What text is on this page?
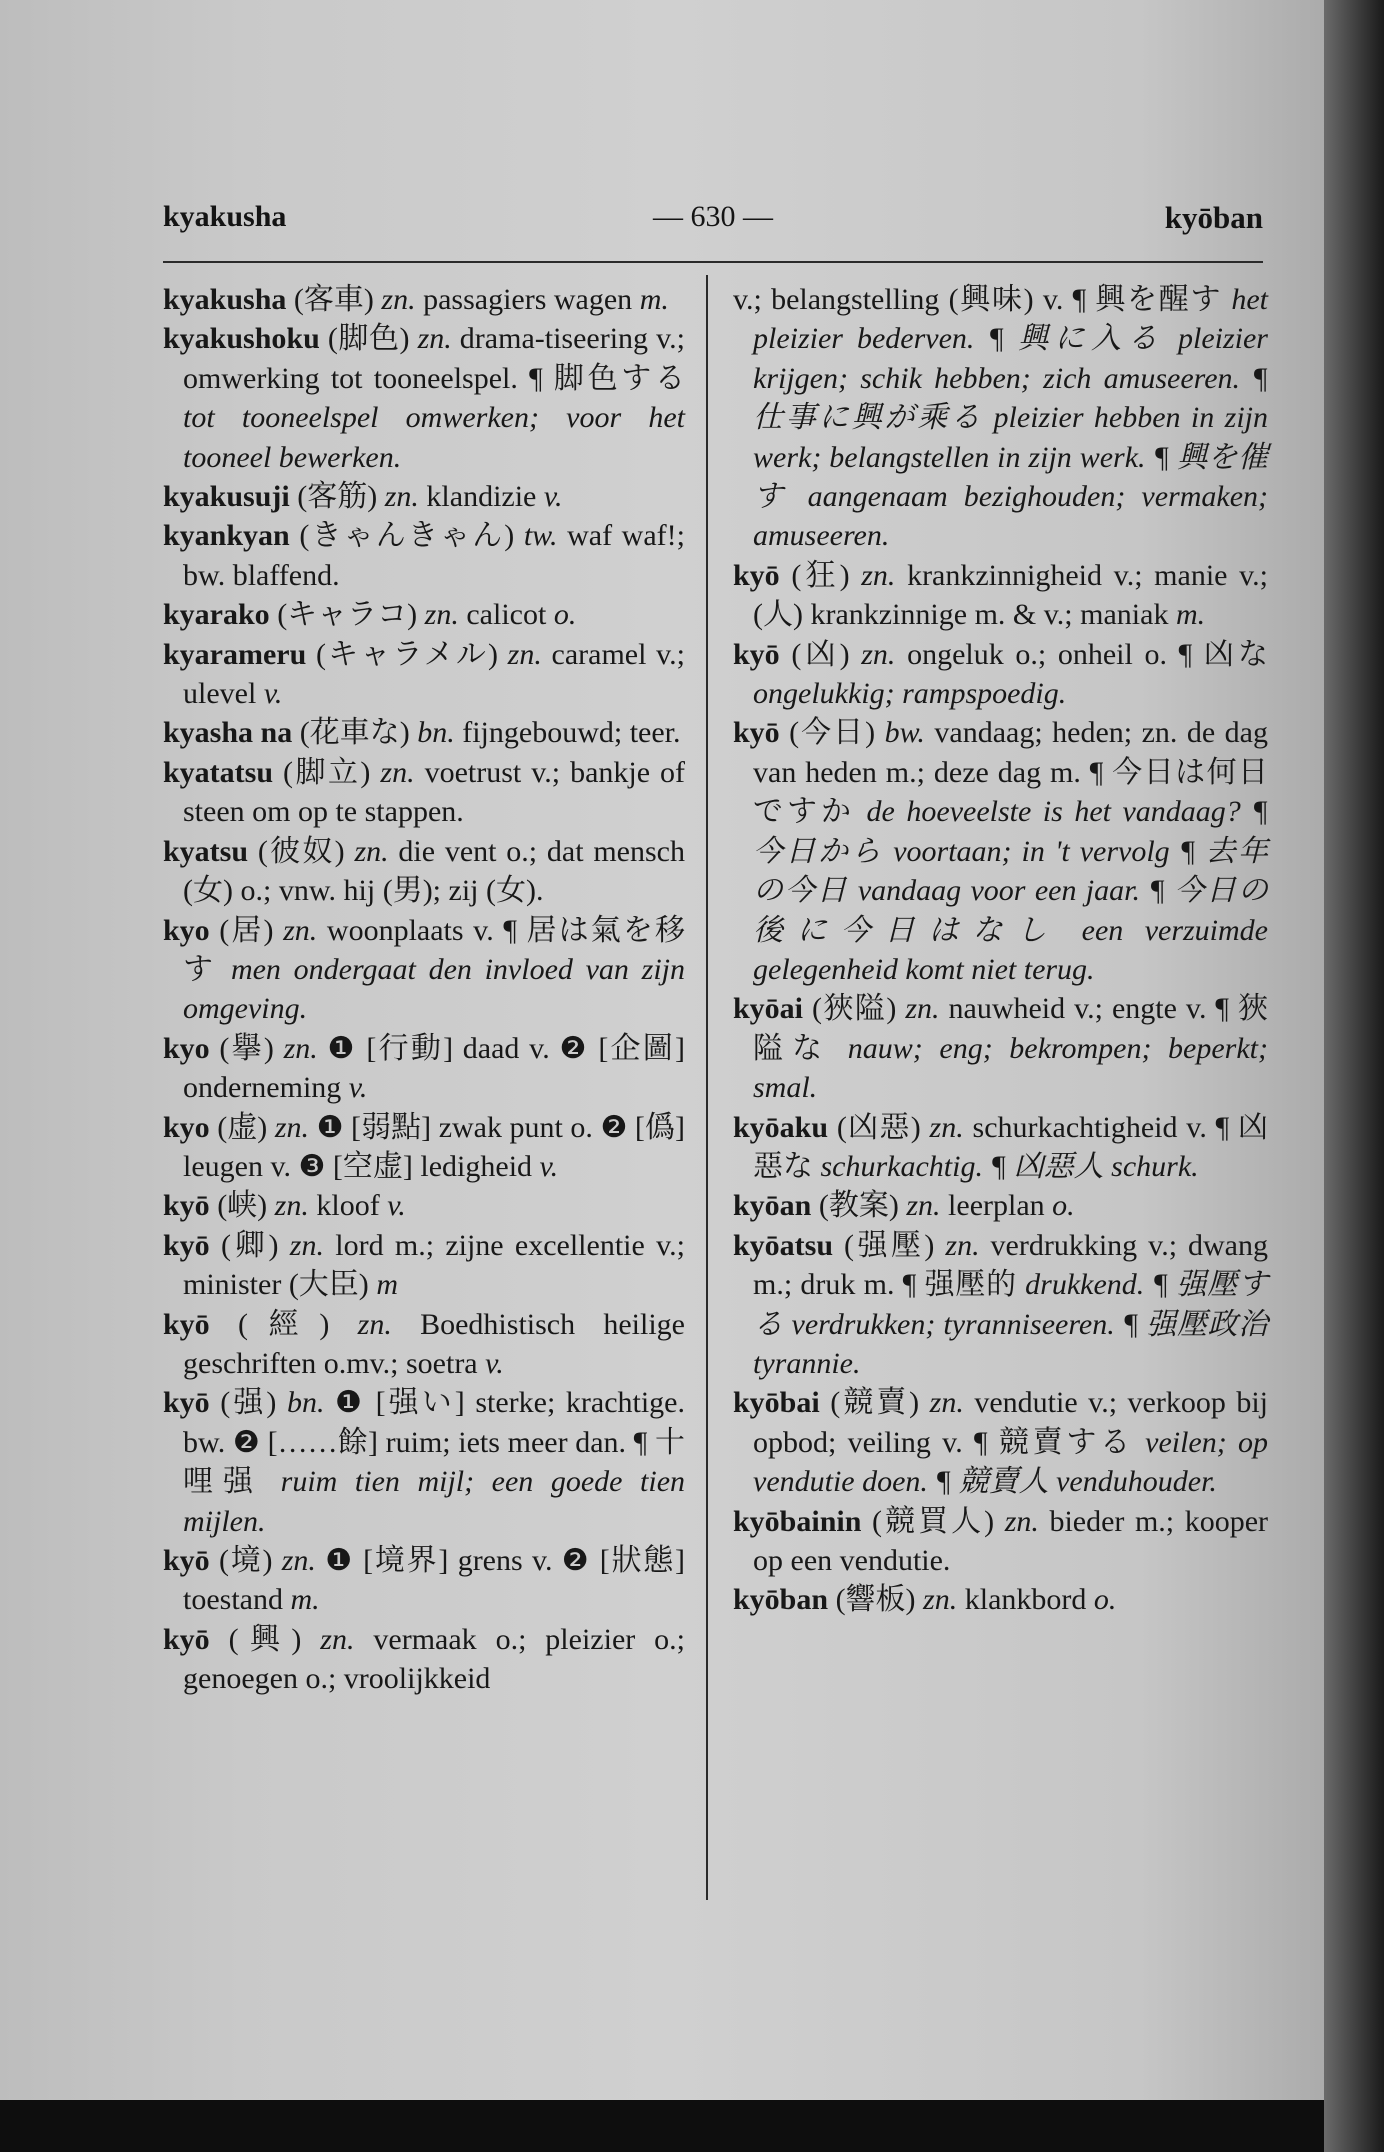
kyakusha	— 630 —	kyōban
kyakusha (客車) zn. passagiers wagen m.
kyakushoku (脚色) zn. drama-tiseering v.; omwerking tot tooneelspel. ¶ 脚色する tot tooneelspel omwerken; voor het tooneel bewerken.
kyakusuji (客筋) zn. klandizie v.
kyankyan (きゃんきゃん) tw. waf waf!; bw. blaffend.
kyarako (キャラコ) zn. calicot o.
kyarameru (キャラメル) zn. caramel v.; ulevel v.
kyasha na (花車な) bn. fijngebouwd; teer.
kyatatsu (脚立) zn. voetrust v.; bankje of steen om op te stappen.
kyatsu (彼奴) zn. die vent o.; dat mensch (女) o.; vnw. hij (男); zij (女).
kyo (居) zn. woonplaats v. ¶ 居は氣を移す men ondergaat den invloed van zijn omgeving.
kyo (擧) zn. ❶ [行動] daad v. ❷ [企圖] onderneming v.
kyo (虚) zn. ❶ [弱點] zwak punt o. ❷ [僞] leugen v. ❸ [空虚] ledigheid v.
kyō (峡) zn. kloof v.
kyō (卿) zn. lord m.; zijne excellentie v.; minister (大臣) m
kyō (經) zn. Boedhistisch heilige geschriften o.mv.; soetra v.
kyō (强) bn. ❶ [强い] sterke; krachtige. bw. ❷ [……餘] ruim; iets meer dan. ¶ 十哩强 ruim tien mijl; een goede tien mijlen.
kyō (境) zn. ❶ [境界] grens v. ❷ [狀態] toestand m.
kyō (興) zn. vermaak o.; pleizier o.; genoegen o.; vroolijkkeid
v.; belangstelling (興味) v. ¶ 興を醒す het pleizier bederven. ¶ 興に入る pleizier krijgen; schik hebben; zich amuseeren. ¶ 仕事に興が乘る pleizier hebben in zijn werk; belangstellen in zijn werk. ¶ 興を催す aangenaam bezighouden; vermaken; amuseeren.
kyō (狂) zn. krankzinnigheid v.; manie v.; (人) krankzinnige m. & v.; maniak m.
kyō (凶) zn. ongeluk o.; onheil o. ¶ 凶な ongelukkig; rampspoedig.
kyō (今日) bw. vandaag; heden; zn. de dag van heden m.; deze dag m. ¶ 今日は何日ですか de hoeveelste is het vandaag? ¶ 今日から voortaan; in 't vervolg ¶ 去年の今日 vandaag voor een jaar. ¶ 今日の後に今日はなし een verzuimde gelegenheid komt niet terug.
kyōai (狹隘) zn. nauwheid v.; engte v. ¶ 狹隘な nauw; eng; bekrompen; beperkt; smal.
kyōaku (凶惡) zn. schurkachtigheid v. ¶ 凶惡な schurkachtig. ¶ 凶惡人 schurk.
kyōan (教案) zn. leerplan o.
kyōatsu (强壓) zn. verdrukking v.; dwang m.; druk m. ¶ 强壓的 drukkend. ¶ 强壓する verdrukken; tyranniseeren. ¶ 强壓政治 tyrannie.
kyōbai (競賣) zn. vendutie v.; verkoop bij opbod; veiling v. ¶ 競賣する veilen; op vendutie doen. ¶ 競賣人 venduhouder.
kyōbainin (競買人) zn. bieder m.; kooper op een vendutie.
kyōban (響板) zn. klankbord o.
